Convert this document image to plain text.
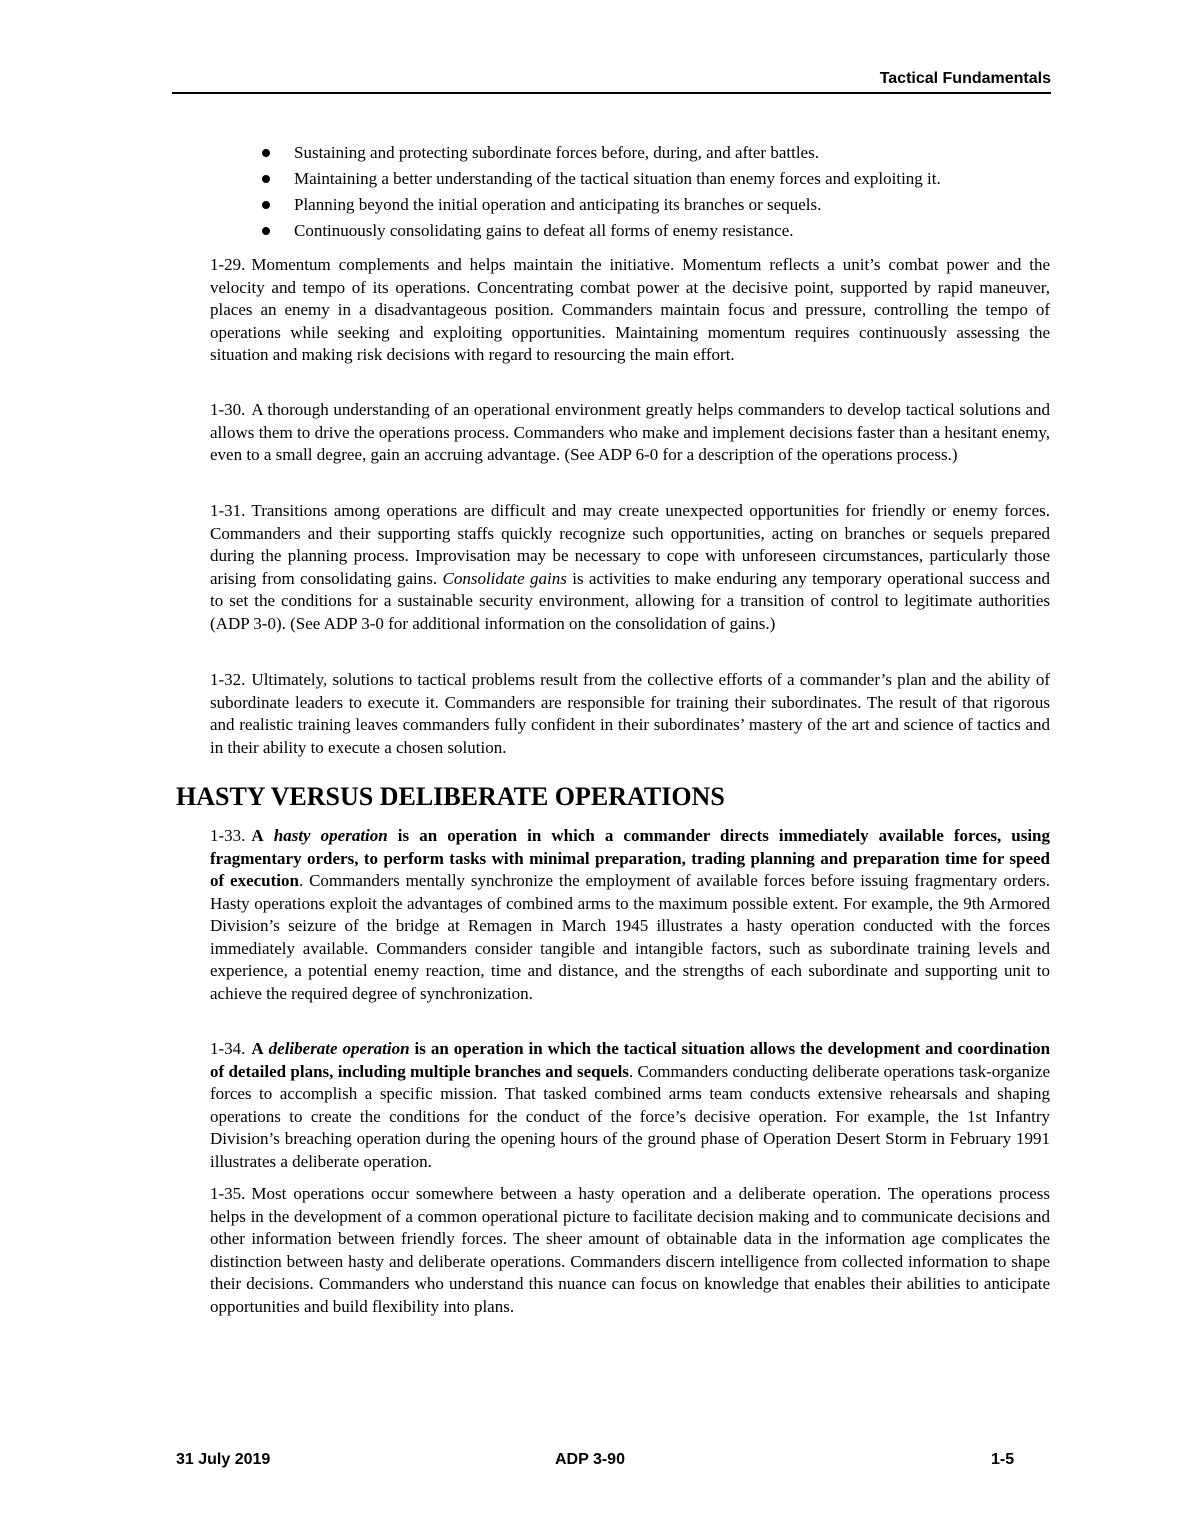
Tactical Fundamentals
Sustaining and protecting subordinate forces before, during, and after battles.
Maintaining a better understanding of the tactical situation than enemy forces and exploiting it.
Planning beyond the initial operation and anticipating its branches or sequels.
Continuously consolidating gains to defeat all forms of enemy resistance.

1-29. Momentum complements and helps maintain the initiative. Momentum reflects a unit’s combat power and the velocity and tempo of its operations. Concentrating combat power at the decisive point, supported by rapid maneuver, places an enemy in a disadvantageous position. Commanders maintain focus and pressure, controlling the tempo of operations while seeking and exploiting opportunities. Maintaining momentum requires continuously assessing the situation and making risk decisions with regard to resourcing the main effort.

1-30. A thorough understanding of an operational environment greatly helps commanders to develop tactical solutions and allows them to drive the operations process. Commanders who make and implement decisions faster than a hesitant enemy, even to a small degree, gain an accruing advantage. (See ADP 6-0 for a description of the operations process.)

1-31. Transitions among operations are difficult and may create unexpected opportunities for friendly or enemy forces. Commanders and their supporting staffs quickly recognize such opportunities, acting on branches or sequels prepared during the planning process. Improvisation may be necessary to cope with unforeseen circumstances, particularly those arising from consolidating gains. Consolidate gains is activities to make enduring any temporary operational success and to set the conditions for a sustainable security environment, allowing for a transition of control to legitimate authorities (ADP 3-0). (See ADP 3-0 for additional information on the consolidation of gains.)

1-32. Ultimately, solutions to tactical problems result from the collective efforts of a commander’s plan and the ability of subordinate leaders to execute it. Commanders are responsible for training their subordinates. The result of that rigorous and realistic training leaves commanders fully confident in their subordinates’ mastery of the art and science of tactics and in their ability to execute a chosen solution.

HASTY VERSUS DELIBERATE OPERATIONS

1-33. A hasty operation is an operation in which a commander directs immediately available forces, using fragmentary orders, to perform tasks with minimal preparation, trading planning and preparation time for speed of execution. Commanders mentally synchronize the employment of available forces before issuing fragmentary orders. Hasty operations exploit the advantages of combined arms to the maximum possible extent. For example, the 9th Armored Division’s seizure of the bridge at Remagen in March 1945 illustrates a hasty operation conducted with the forces immediately available. Commanders consider tangible and intangible factors, such as subordinate training levels and experience, a potential enemy reaction, time and distance, and the strengths of each subordinate and supporting unit to achieve the required degree of synchronization.

1-34. A deliberate operation is an operation in which the tactical situation allows the development and coordination of detailed plans, including multiple branches and sequels. Commanders conducting deliberate operations task-organize forces to accomplish a specific mission. That tasked combined arms team conducts extensive rehearsals and shaping operations to create the conditions for the conduct of the force’s decisive operation. For example, the 1st Infantry Division’s breaching operation during the opening hours of the ground phase of Operation Desert Storm in February 1991 illustrates a deliberate operation.

1-35. Most operations occur somewhere between a hasty operation and a deliberate operation. The operations process helps in the development of a common operational picture to facilitate decision making and to communicate decisions and other information between friendly forces. The sheer amount of obtainable data in the information age complicates the distinction between hasty and deliberate operations. Commanders discern intelligence from collected information to shape their decisions. Commanders who understand this nuance can focus on knowledge that enables their abilities to anticipate opportunities and build flexibility into plans.

31 July 2019	ADP 3-90	1-5
